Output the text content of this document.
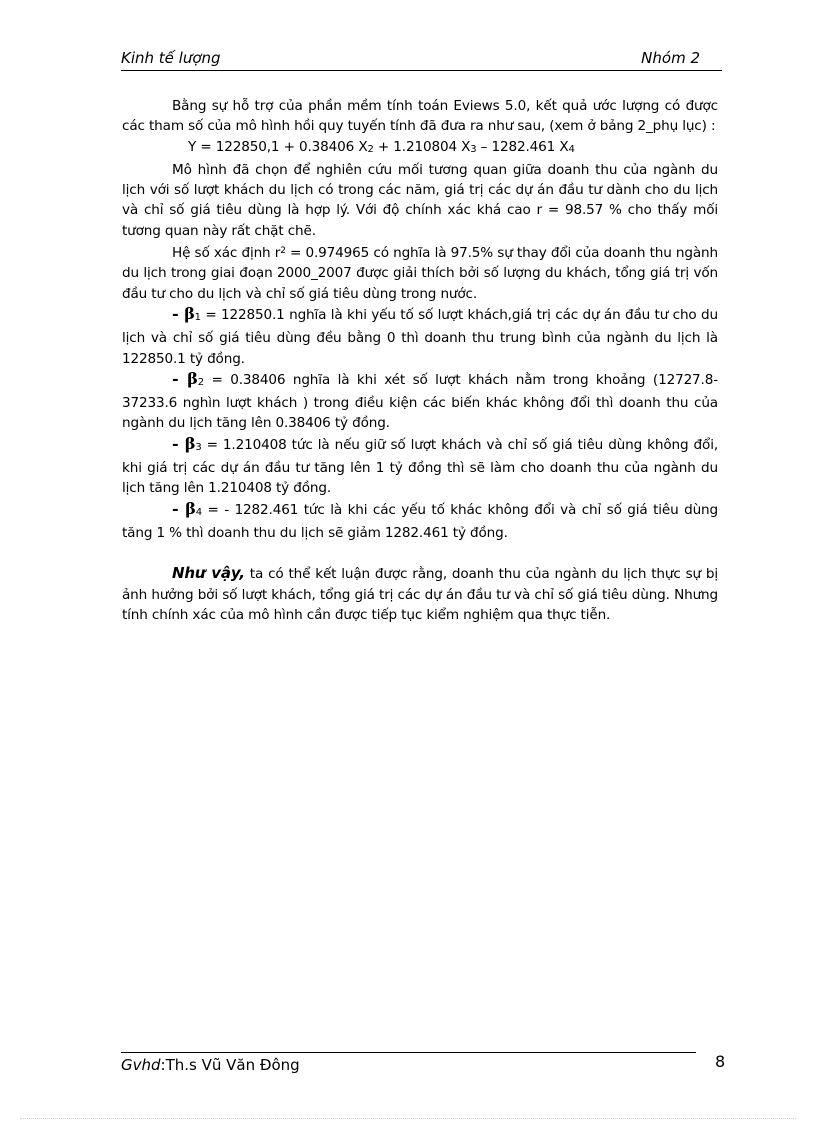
Kinh tế lượng	Nhóm 2

Bằng sự hỗ trợ của phần mềm tính toán Eviews 5.0, kết quả ước lượng có được các tham số của mô hình hồi quy tuyến tính đã đưa ra như sau, (xem ở bảng 2_phụ lục) :

Y = 122850,1 + 0.38406 $X_2 + 1.210804$ $X_3 - 1282.461$ $X_4$

Mô hình đã chọn để nghiên cứu mối tương quan giữa doanh thu của ngành du lịch với số lượt khách du lịch có trong các năm, giá trị các dự án đầu tư dành cho du lịch và chỉ số giá tiêu dùng là hợp lý. Với độ chính xác khá cao r = 98.57 % cho thấy mối tương quan này rất chặt chẽ.

Hệ số xác định $r^2 = 0.974965$ có nghĩa là 97.5% sự thay đổi của doanh thu ngành du lịch trong giai đoạn 2000_2007 được giải thích bởi số lượng du khách, tổng giá trị vốn đầu tư cho du lịch và chỉ số giá tiêu dùng trong nước.

- $\beta_1 = 122850.1$ nghĩa là khi yếu tố số lượt khách,giá trị các dự án đầu tư cho du lịch và chỉ số giá tiêu dùng đều bằng 0 thì doanh thu trung bình của ngành du lịch là 122850.1 tỷ đồng.

- $\beta_2 = 0.38406$ nghĩa là khi xét số lượt khách nằm trong khoảng (12727.8-37233.6 nghìn lượt khách ) trong điều kiện các biến khác không đổi thì doanh thu của ngành du lịch tăng lên 0.38406 tỷ đồng.

- $\beta_3 = 1.210408$ tức là nếu giữ số lượt khách và chỉ số giá tiêu dùng không đổi, khi giá trị các dự án đầu tư tăng lên 1 tỷ đồng thì sẽ làm cho doanh thu của ngành du lịch tăng lên 1.210408 tỷ đồng.

- $\beta_4$ = - 1282.461 tức là khi các yếu tố khác không đổi và chỉ số giá tiêu dùng tăng 1 % thì doanh thu du lịch sẽ giảm 1282.461 tỷ đồng.

Như vậy, ta có thể kết luận được rằng, doanh thu của ngành du lịch thực sự bị ảnh hưởng bởi số lượt khách, tổng giá trị các dự án đầu tư và chỉ số giá tiêu dùng. Nhưng tính chính xác của mô hình cần được tiếp tục kiểm nghiệm qua thực tiễn.

Gvhd:Th.s Vũ Văn Đông	8
